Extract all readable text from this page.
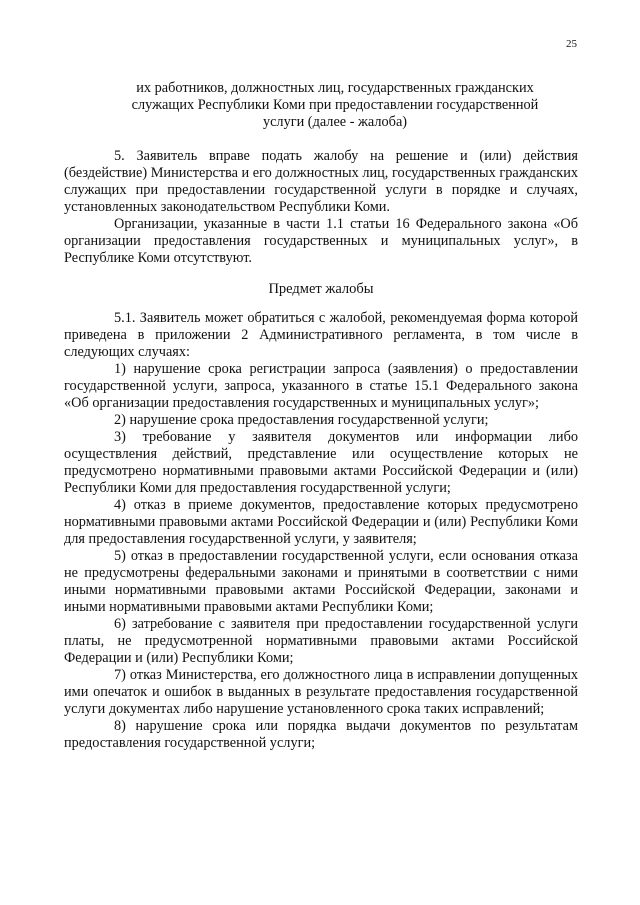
25
их работников, должностных лиц, государственных гражданских служащих Республики Коми при предоставлении государственной услуги (далее - жалоба)

5. Заявитель вправе подать жалобу на решение и (или) действия (бездействие) Министерства и его должностных лиц, государственных гражданских служащих при предоставлении государственной услуги в порядке и случаях, установленных законодательством Республики Коми.

Организации, указанные в части 1.1 статьи 16 Федерального закона «Об организации предоставления государственных и муниципальных услуг», в Республике Коми отсутствуют.

Предмет жалобы

5.1. Заявитель может обратиться с жалобой, рекомендуемая форма которой приведена в приложении 2 Административного регламента, в том числе в следующих случаях:

1) нарушение срока регистрации запроса (заявления) о предоставлении государственной услуги, запроса, указанного в статье 15.1 Федерального закона «Об организации предоставления государственных и муниципальных услуг»;

2) нарушение срока предоставления государственной услуги;

3) требование у заявителя документов или информации либо осуществления действий, представление или осуществление которых не предусмотрено нормативными правовыми актами Российской Федерации и (или) Республики Коми для предоставления государственной услуги;

4) отказ в приеме документов, предоставление которых предусмотрено нормативными правовыми актами Российской Федерации и (или) Республики Коми для предоставления государственной услуги, у заявителя;

5) отказ в предоставлении государственной услуги, если основания отказа не предусмотрены федеральными законами и принятыми в соответствии с ними иными нормативными правовыми актами Российской Федерации, законами и иными нормативными правовыми актами Республики Коми;

6) затребование с заявителя при предоставлении государственной услуги платы, не предусмотренной нормативными правовыми актами Российской Федерации и (или) Республики Коми;

7) отказ Министерства, его должностного лица в исправлении допущенных ими опечаток и ошибок в выданных в результате предоставления государственной услуги документах либо нарушение установленного срока таких исправлений;

8) нарушение срока или порядка выдачи документов по результатам предоставления государственной услуги;
